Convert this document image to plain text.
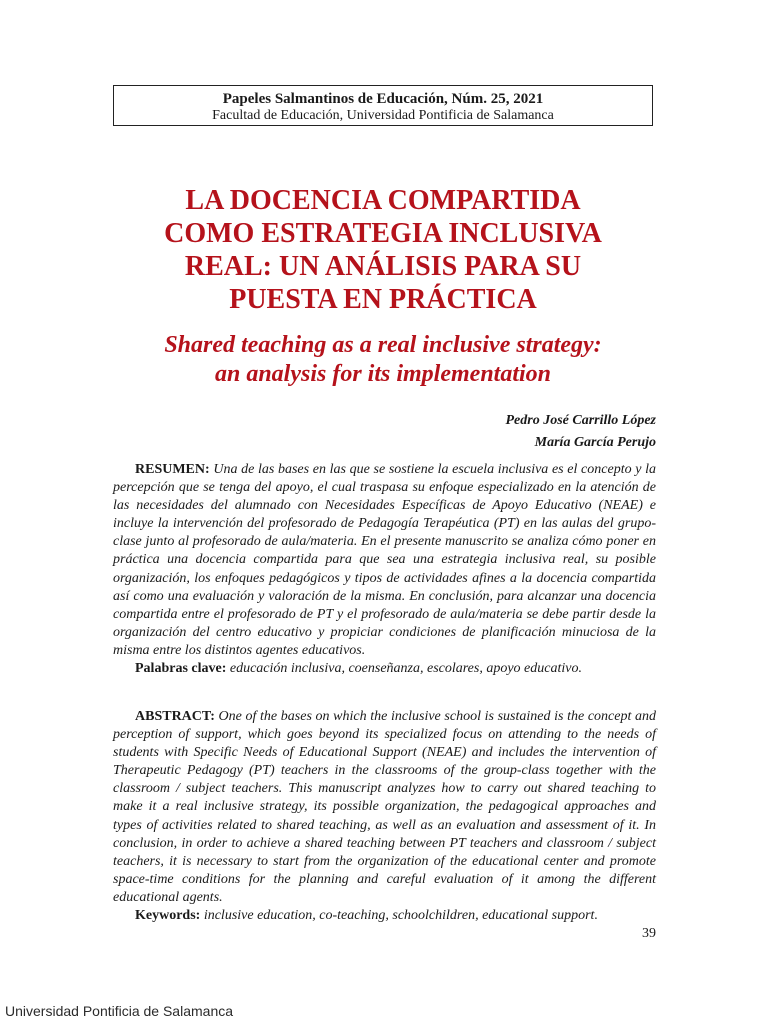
Papeles Salmantinos de Educación, Núm. 25, 2021
Facultad de Educación, Universidad Pontificia de Salamanca
LA DOCENCIA COMPARTIDA
COMO ESTRATEGIA INCLUSIVA
REAL: UN ANÁLISIS PARA SU
PUESTA EN PRÁCTICA
Shared teaching as a real inclusive strategy:
an analysis for its implementation
Pedro José Carrillo López
María García Perujo

RESUMEN: Una de las bases en las que se sostiene la escuela inclusiva es el concepto y la percepción que se tenga del apoyo, el cual traspasa su enfoque especializado en la atención de las necesidades del alumnado con Necesidades Específicas de Apoyo Educativo (NEAE) e incluye la intervención del profesorado de Pedagogía Terapéutica (PT) en las aulas del grupo-clase junto al profesorado de aula/materia. En el presente manuscrito se analiza cómo poner en práctica una docencia compartida para que sea una estrategia inclusiva real, su posible organización, los enfoques pedagógicos y tipos de actividades afines a la docencia compartida así como una evaluación y valoración de la misma. En conclusión, para alcanzar una docencia compartida entre el profesorado de PT y el profesorado de aula/materia se debe partir desde la organización del centro educativo y propiciar condiciones de planificación minuciosa de la misma entre los distintos agentes educativos.

Palabras clave: educación inclusiva, coenseñanza, escolares, apoyo educativo.

ABSTRACT: One of the bases on which the inclusive school is sustained is the concept and perception of support, which goes beyond its specialized focus on attending to the needs of students with Specific Needs of Educational Support (NEAE) and includes the intervention of Therapeutic Pedagogy (PT) teachers in the classrooms of the group-class together with the classroom / subject teachers. This manuscript analyzes how to carry out shared teaching to make it a real inclusive strategy, its possible organization, the pedagogical approaches and types of activities related to shared teaching, as well as an evaluation and assessment of it. In conclusion, in order to achieve a shared teaching between PT teachers and classroom / subject teachers, it is necessary to start from the organization of the educational center and promote space-time conditions for the planning and careful evaluation of it among the different educational agents.

Keywords: inclusive education, co-teaching, schoolchildren, educational support.

39
Universidad Pontificia de Salamanca
